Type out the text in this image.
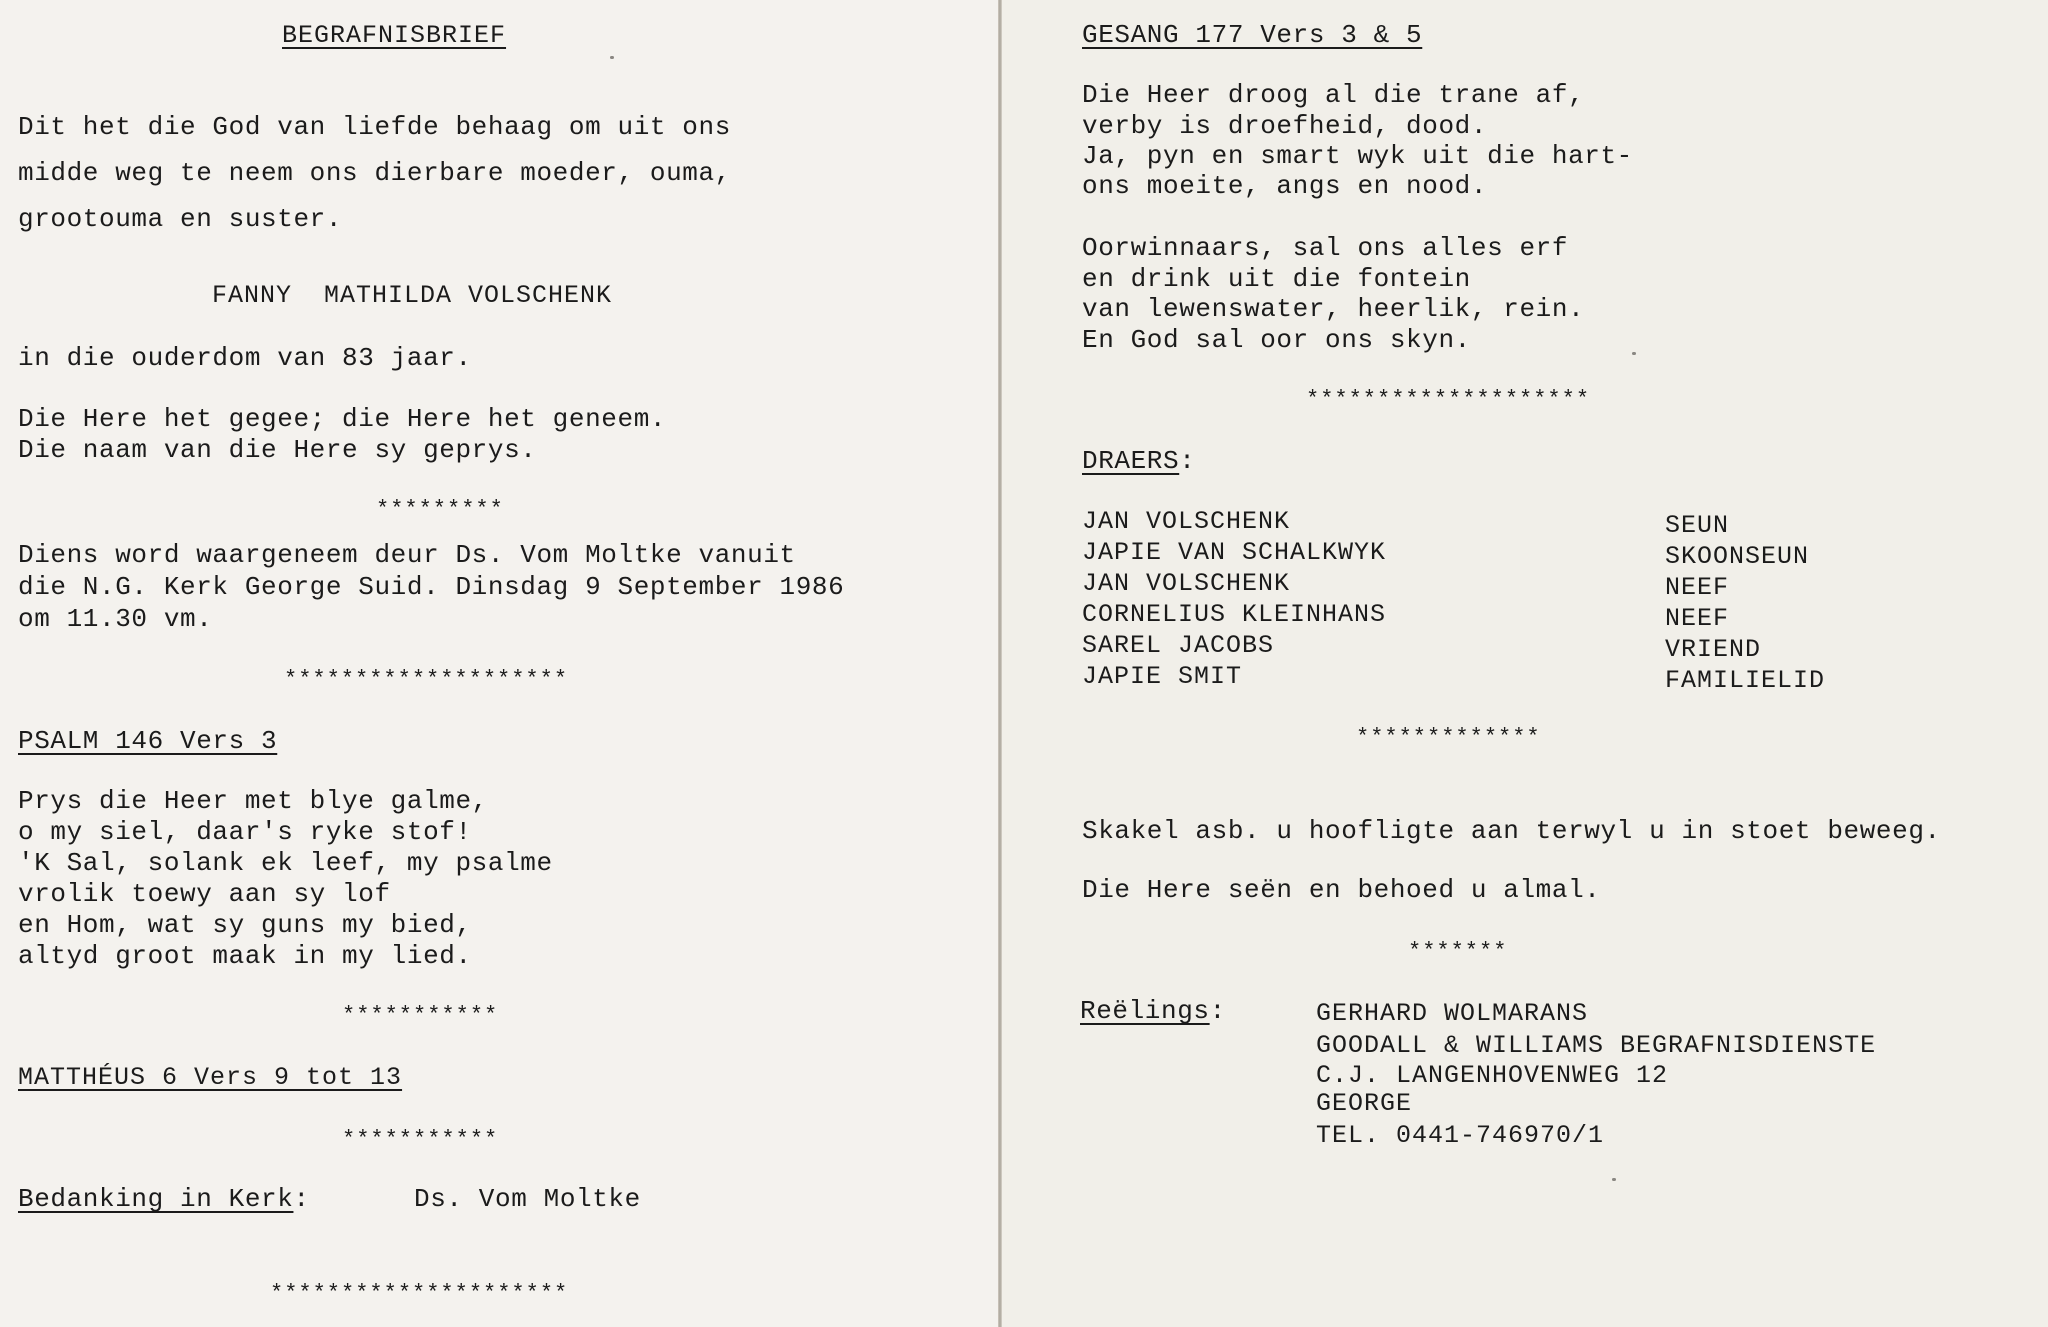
BEGRAFNISBRIEF
Dit het die God van liefde behaag om uit ons
midde weg te neem ons dierbare moeder, ouma,
grootouma en suster.
FANNY  MATHILDA VOLSCHENK
in die ouderdom van 83 jaar.
Die Here het gegee; die Here het geneem.
Die naam van die Here sy geprys.
*********
Diens word waargeneem deur Ds. Vom Moltke vanuit
die N.G. Kerk George Suid. Dinsdag 9 September 1986
om 11.30 vm.
********************
PSALM 146 Vers 3
Prys die Heer met blye galme,
o my siel, daar's ryke stof!
'K Sal, solank ek leef, my psalme
vrolik toewy aan sy lof
en Hom, wat sy guns my bied,
altyd groot maak in my lied.
***********
MATTHÉUS 6 Vers 9 tot 13
***********
Bedanking in Kerk:	Ds. Vom Moltke
*********************
GESANG 177 Vers 3 & 5
Die Heer droog al die trane af,
verby is droefheid, dood.
Ja, pyn en smart wyk uit die hart-
ons moeite, angs en nood.
Oorwinnaars, sal ons alles erf
en drink uit die fontein
van lewenswater, heerlik, rein.
En God sal oor ons skyn.
********************
DRAERS:
JAN VOLSCHENK
JAPIE VAN SCHALKWYK
JAN VOLSCHENK
CORNELIUS KLEINHANS
SAREL JACOBS
JAPIE SMIT
SEUN
SKOONSEUN
NEEF
NEEF
VRIEND
FAMILIELID
*************
Skakel asb. u hoofligte aan terwyl u in stoet beweeg.
Die Here seën en behoed u almal.
*******
Reëlings:	GERHARD WOLMARANS
GOODALL & WILLIAMS BEGRAFNISDIENSTE
C.J. LANGENHOVENWEG 12
GEORGE
TEL. 0441-746970/1
